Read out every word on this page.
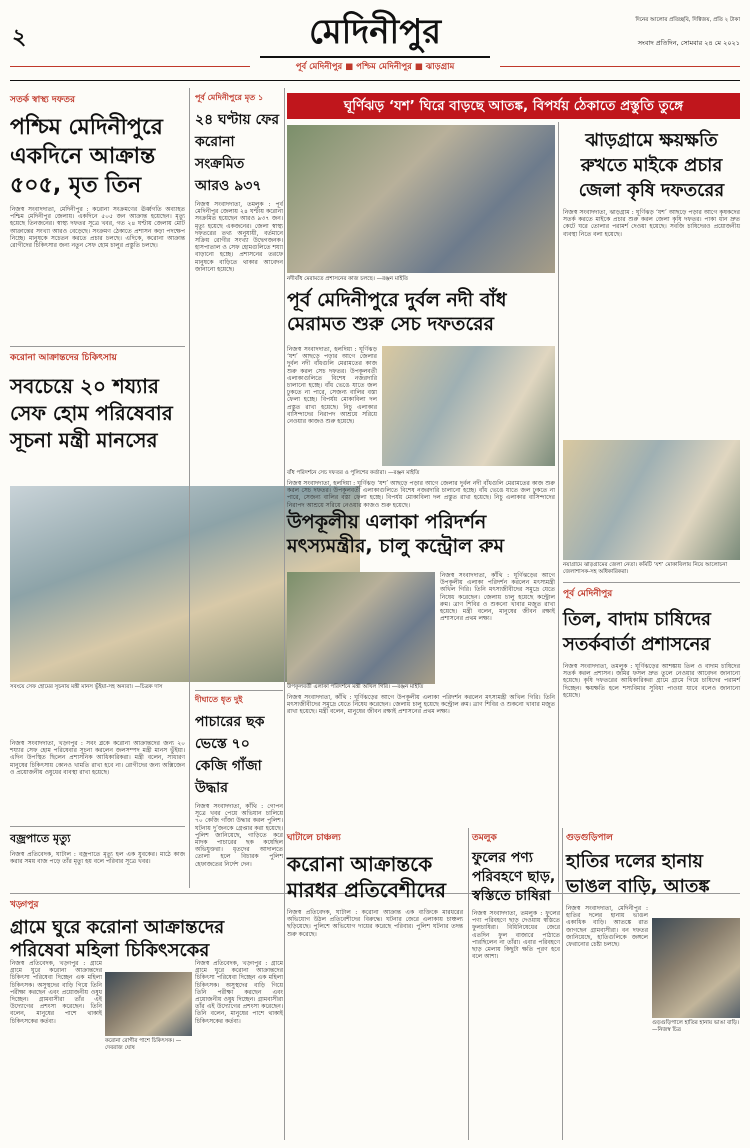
২
দিনের আলোর প্রতিচ্ছবি, দিগ্বিজয়, প্রতি ২ টাকা
সংবাদ প্রতিদিন, সোমবার ২৪ মে ২০২১
মেদিনীপুর
পূর্ব মেদিনীপুর ■ পশ্চিম মেদিনীপুর ■ ঝাড়গ্রাম
সতর্ক স্বাস্থ্য দফতর
পশ্চিম মেদিনীপুরে একদিনে আক্রান্ত ৫০৫, মৃত তিন
নিজস্ব সংবাদদাতা, মেদিনীপুর : করোনা সংক্রমণের ঊর্ধ্বগতি অব্যাহত পশ্চিম মেদিনীপুর জেলায়। একদিনে ৫০৫ জন আক্রান্ত হয়েছেন। মৃত্যু হয়েছে তিনজনের। স্বাস্থ্য দফতর সূত্রে খবর, গত ২৪ ঘণ্টায় জেলায় মোট আক্রান্তের সংখ্যা আরও বেড়েছে। সংক্রমণ ঠেকাতে প্রশাসন কড়া পদক্ষেপ নিচ্ছে। মানুষকে সচেতন করতে প্রচার চলছে। এদিকে, করোনা আক্রান্ত রোগীদের চিকিৎসার জন্য নতুন সেফ হোম চালুর প্রস্তুতি চলছে।
করোনা আক্রান্তদের চিকিৎসায়
সবচেয়ে ২০ শয্যার সেফ হোম পরিষেবার সূচনা মন্ত্রী মানসের
নিজস্ব সংবাদদাতা, খড়্গপুর : সবং ব্লকে করোনা আক্রান্তদের জন্য ২০ শয্যার সেফ হোম পরিষেবার সূচনা করলেন জলসম্পদ মন্ত্রী মানস ভুঁইয়া। এদিন উপস্থিত ছিলেন প্রশাসনিক আধিকারিকরা। মন্ত্রী বলেন, সাধারণ মানুষের চিকিৎসায় কোনও খামতি রাখা হবে না। রোগীদের জন্য অক্সিজেন ও প্রয়োজনীয় ওষুধের ব্যবস্থা রাখা হয়েছে।
সবংয়ে সেফ হোমের সূচনায় মন্ত্রী মানস ভুঁইয়া-সহ অন্যরা। —চিত্রক দাস
বজ্রপাতে মৃত্যু
নিজস্ব প্রতিবেদক, ঘাটাল : বজ্রপাতে মৃত্যু হল এক যুবকের। মাঠে কাজ করার সময় বাজ পড়ে তাঁর মৃত্যু হয় বলে পরিবার সূত্রে খবর।
পূর্ব মেদিনীপুরে মৃত ১
২৪ ঘণ্টায় ফের করোনা সংক্রমিত আরও ৯৩৭
নিজস্ব সংবাদদাতা, তমলুক : পূর্ব মেদিনীপুর জেলায় ২৪ ঘণ্টায় করোনা সংক্রমিত হয়েছেন আরও ৯৩৭ জন। মৃত্যু হয়েছে একজনের। জেলা স্বাস্থ্য দফতরের তথ্য অনুযায়ী, বর্তমানে সক্রিয় রোগীর সংখ্যা উদ্বেগজনক। হাসপাতাল ও সেফ হোমগুলিতে শয্যা বাড়ানো হচ্ছে। প্রশাসনের তরফে মানুষকে বাড়িতে থাকার আবেদন জানানো হয়েছে।
দীঘাতে ধৃত দুই
পাচারের ছক ভেস্তে ৭০ কেজি গাঁজা উদ্ধার
নিজস্ব সংবাদদাতা, কাঁথি : গোপন সূত্রে খবর পেয়ে অভিযান চালিয়ে ৭০ কেজি গাঁজা উদ্ধার করল পুলিশ। ঘটনায় দু’জনকে গ্রেপ্তার করা হয়েছে। পুলিশ জানিয়েছে, গাড়িতে করে মাদক পাচারের ছক কষেছিল অভিযুক্তরা। ধৃতদের আদালতে তোলা হলে বিচারক পুলিশ হেফাজতের নির্দেশ দেন।
ঘূর্ণিঝড় ‘যশ’ ঘিরে বাড়ছে আতঙ্ক, বিপর্যয় ঠেকাতে প্রস্তুতি তুঙ্গে
নদীবাঁধ মেরামতে প্রশাসনের কাজ চলছে। —রঞ্জন মাইতি
পূর্ব মেদিনীপুরে দুর্বল নদী বাঁধ মেরামত শুরু সেচ দফতরের
নিজস্ব সংবাদদাতা, হলদিয়া : ঘূর্ণিঝড় ‘যশ’ আছড়ে পড়ার আগে জেলার দুর্বল নদী বাঁধগুলি মেরামতের কাজ শুরু করল সেচ দফতর। উপকূলবর্তী এলাকাগুলিতে বিশেষ নজরদারি চালানো হচ্ছে। বাঁধ ভেঙে যাতে জল ঢুকতে না পারে, সেজন্য বালির বস্তা ফেলা হচ্ছে। বিপর্যয় মোকাবিলা দল প্রস্তুত রাখা হয়েছে। নিচু এলাকার বাসিন্দাদের নিরাপদ আশ্রয়ে সরিয়ে নেওয়ার কাজও শুরু হয়েছে।
বাঁধ পরিদর্শনে সেচ দফতর ও পুলিশের কর্তারা। —রঞ্জন মাইতি
নিজস্ব সংবাদদাতা, হলদিয়া : ঘূর্ণিঝড় ‘যশ’ আছড়ে পড়ার আগে জেলার দুর্বল নদী বাঁধগুলি মেরামতের কাজ শুরু করল সেচ দফতর। উপকূলবর্তী এলাকাগুলিতে বিশেষ নজরদারি চালানো হচ্ছে। বাঁধ ভেঙে যাতে জল ঢুকতে না পারে, সেজন্য বালির বস্তা ফেলা হচ্ছে। বিপর্যয় মোকাবিলা দল প্রস্তুত রাখা হয়েছে। নিচু এলাকার বাসিন্দাদের নিরাপদ আশ্রয়ে সরিয়ে নেওয়ার কাজও শুরু হয়েছে।
উপকূলীয় এলাকা পরিদর্শন মৎস্যমন্ত্রীর, চালু কন্ট্রোল রুম
উপকূলবর্তী এলাকা পরিদর্শনে মন্ত্রী অখিল গিরি। —রঞ্জন মাইতি
নিজস্ব সংবাদদাতা, কাঁথি : ঘূর্ণিঝড়ের আগে উপকূলীয় এলাকা পরিদর্শন করলেন মৎস্যমন্ত্রী অখিল গিরি। তিনি মৎস্যজীবীদের সমুদ্রে যেতে নিষেধ করেছেন। জেলায় চালু হয়েছে কন্ট্রোল রুম। ত্রাণ শিবির ও শুকনো খাবার মজুত রাখা হয়েছে। মন্ত্রী বলেন, মানুষের জীবন রক্ষাই প্রশাসনের প্রথম লক্ষ্য।
নিজস্ব সংবাদদাতা, কাঁথি : ঘূর্ণিঝড়ের আগে উপকূলীয় এলাকা পরিদর্শন করলেন মৎস্যমন্ত্রী অখিল গিরি। তিনি মৎস্যজীবীদের সমুদ্রে যেতে নিষেধ করেছেন। জেলায় চালু হয়েছে কন্ট্রোল রুম। ত্রাণ শিবির ও শুকনো খাবার মজুত রাখা হয়েছে। মন্ত্রী বলেন, মানুষের জীবন রক্ষাই প্রশাসনের প্রথম লক্ষ্য।
ঝাড়গ্রামে ক্ষয়ক্ষতি রুখতে মাইকে প্রচার জেলা কৃষি দফতরের
নিজস্ব সংবাদদাতা, ঝাড়গ্রাম : ঘূর্ণিঝড় ‘যশ’ আছড়ে পড়ার আগে কৃষকদের সতর্ক করতে মাইকে প্রচার শুরু করল জেলা কৃষি দফতর। পাকা ধান দ্রুত কেটে ঘরে তোলার পরামর্শ দেওয়া হয়েছে। সবজি চাষিদেরও প্রয়োজনীয় ব্যবস্থা নিতে বলা হয়েছে।
নয়াগ্রামে ঝাড়গ্রামের জেলা নেতা। কমিটি ‘যশ’ মোকাবিলায় নিয়ে আলোচনা জেলাশাসক-সহ অধিকারিকরা।
পূর্ব মেদিনীপুর
তিল, বাদাম চাষিদের সতর্কবার্তা প্রশাসনের
নিজস্ব সংবাদদাতা, তমলুক : ঘূর্ণিঝড়ের আশঙ্কায় তিল ও বাদাম চাষিদের সতর্ক করল প্রশাসন। জমির ফসল দ্রুত তুলে নেওয়ার আবেদন জানানো হয়েছে। কৃষি দফতরের আধিকারিকরা গ্রামে গ্রামে গিয়ে চাষিদের পরামর্শ দিচ্ছেন। ক্ষয়ক্ষতি হলে শস্যবিমার সুবিধা পাওয়া যাবে বলেও জানানো হয়েছে।
খড়্গপুর
গ্রামে ঘুরে করোনা আক্রান্তদের পরিষেবা মহিলা চিকিৎসকের
নিজস্ব প্রতিবেদক, খড়্গপুর : গ্রামে গ্রামে ঘুরে করোনা আক্রান্তদের চিকিৎসা পরিষেবা দিচ্ছেন এক মহিলা চিকিৎসক। অসুস্থদের বাড়ি গিয়ে তিনি পরীক্ষা করছেন এবং প্রয়োজনীয় ওষুধ দিচ্ছেন। গ্রামবাসীরা তাঁর এই উদ্যোগের প্রশংসা করেছেন। তিনি বলেন, মানুষের পাশে থাকাই চিকিৎসকের কর্তব্য।
করোনা রোগীর পাশে চিকিৎসক। —দেবরাজ ঘোষ
নিজস্ব প্রতিবেদক, খড়্গপুর : গ্রামে গ্রামে ঘুরে করোনা আক্রান্তদের চিকিৎসা পরিষেবা দিচ্ছেন এক মহিলা চিকিৎসক। অসুস্থদের বাড়ি গিয়ে তিনি পরীক্ষা করছেন এবং প্রয়োজনীয় ওষুধ দিচ্ছেন। গ্রামবাসীরা তাঁর এই উদ্যোগের প্রশংসা করেছেন। তিনি বলেন, মানুষের পাশে থাকাই চিকিৎসকের কর্তব্য।
ঘাটালে চাঞ্চল্য
করোনা আক্রান্তকে মারধর প্রতিবেশীদের
নিজস্ব প্রতিবেদক, ঘাটাল : করোনা আক্রান্ত এক ব্যক্তিকে মারধরের অভিযোগ উঠল প্রতিবেশীদের বিরুদ্ধে। ঘটনার জেরে এলাকায় চাঞ্চল্য ছড়িয়েছে। পুলিশে অভিযোগ দায়ের করেছে পরিবার। পুলিশ ঘটনার তদন্ত শুরু করেছে।
তমলুক
ফুলের পণ্য পরিবহণে ছাড়, স্বস্তিতে চাষিরা
নিজস্ব সংবাদদাতা, তমলুক : ফুলের পণ্য পরিবহণে ছাড় দেওয়ায় স্বস্তিতে ফুলচাষিরা। বিধিনিষেধের জেরে এতদিন ফুল বাজারে পাঠাতে পারছিলেন না তাঁরা। এবার পরিবহণে ছাড় মেলায় কিছুটা ক্ষতি পূরণ হবে বলে আশা।
গুড়গুড়িপাল
হাতির দলের হানায় ভাঙল বাড়ি, আতঙ্ক
নিজস্ব সংবাদদাতা, মেদিনীপুর : হাতির দলের হানায় ভাঙল একাধিক বাড়ি। আতঙ্কে রাত জাগছেন গ্রামবাসীরা। বন দফতর জানিয়েছে, হাতিগুলিকে জঙ্গলে ফেরানোর চেষ্টা চলছে।
গুড়গুড়িপালে হাতির হানায় ভাঙা বাড়ি। —নিজস্ব চিত্র
